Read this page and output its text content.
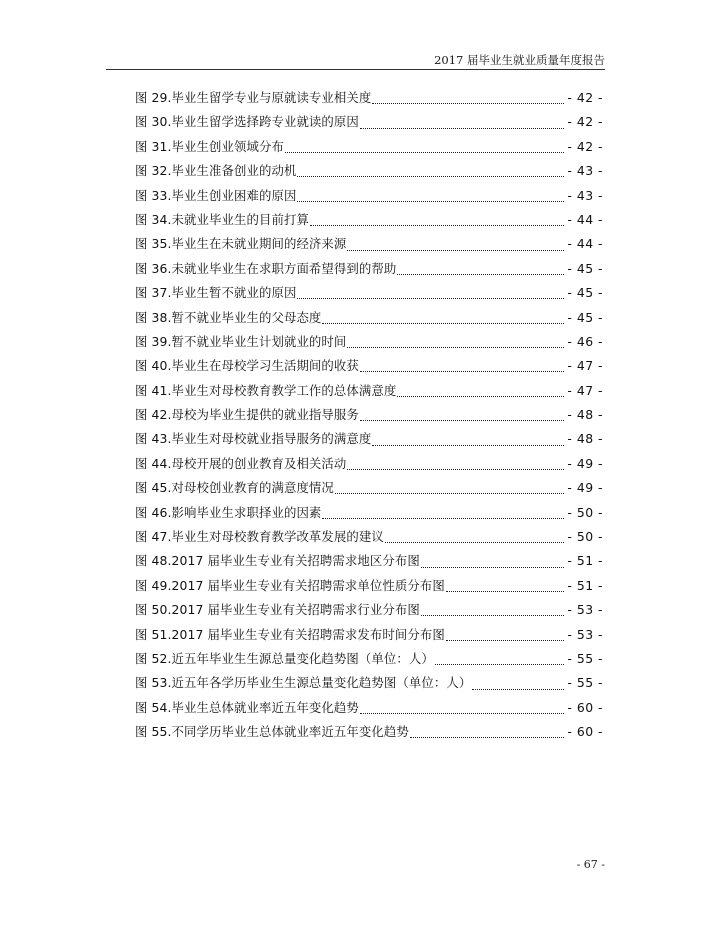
2017 届毕业生就业质量年度报告
图 29.毕业生留学专业与原就读专业相关度	- 42 -
图 30.毕业生留学选择跨专业就读的原因	- 42 -
图 31.毕业生创业领域分布	- 42 -
图 32.毕业生准备创业的动机	- 43 -
图 33.毕业生创业困难的原因	- 43 -
图 34.未就业毕业生的目前打算	- 44 -
图 35.毕业生在未就业期间的经济来源	- 44 -
图 36.未就业毕业生在求职方面希望得到的帮助	- 45 -
图 37.毕业生暂不就业的原因	- 45 -
图 38.暂不就业毕业生的父母态度	- 45 -
图 39.暂不就业毕业生计划就业的时间	- 46 -
图 40.毕业生在母校学习生活期间的收获	- 47 -
图 41.毕业生对母校教育教学工作的总体满意度	- 47 -
图 42.母校为毕业生提供的就业指导服务	- 48 -
图 43.毕业生对母校就业指导服务的满意度	- 48 -
图 44.母校开展的创业教育及相关活动	- 49 -
图 45.对母校创业教育的满意度情况	- 49 -
图 46.影响毕业生求职择业的因素	- 50 -
图 47.毕业生对母校教育教学改革发展的建议	- 50 -
图 48.2017 届毕业生专业有关招聘需求地区分布图	- 51 -
图 49.2017 届毕业生专业有关招聘需求单位性质分布图	- 51 -
图 50.2017 届毕业生专业有关招聘需求行业分布图	- 53 -
图 51.2017 届毕业生专业有关招聘需求发布时间分布图	- 53 -
图 52.近五年毕业生生源总量变化趋势图（单位：人）	- 55 -
图 53.近五年各学历毕业生生源总量变化趋势图（单位：人）	- 55 -
图 54.毕业生总体就业率近五年变化趋势	- 60 -
图 55.不同学历毕业生总体就业率近五年变化趋势	- 60 -
- 67 -
